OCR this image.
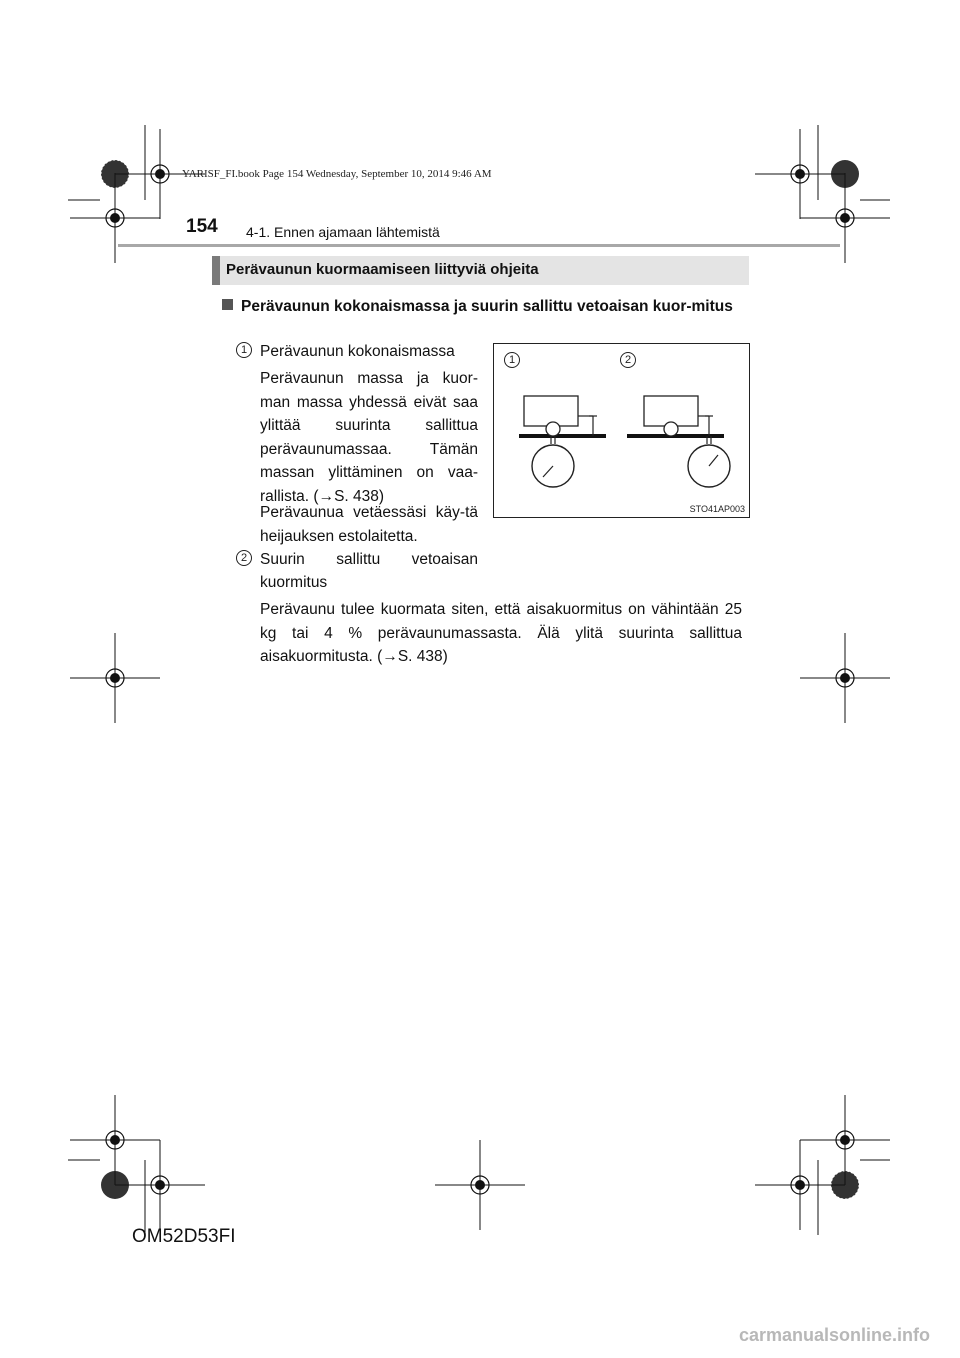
YARISF_FI.book Page 154 Wednesday, September 10, 2014 9:46 AM
154 4-1. Ennen ajamaan lähtemistä
Perävaunun kuormaamiseen liittyviä ohjeita
Perävaunun kokonaismassa ja suurin sallittu vetoaisan kuor-mitus
1 Perävaunun kokonaismassa
Perävaunun massa ja kuor-man massa yhdessä eivät saa ylittää suurinta sallittua perävaunumassaa. Tämän massan ylittäminen on vaa-rallista. (→S. 438)
Perävaunua vetäessäsi käy-tä heijauksen estolaitetta.
2 Suurin sallittu vetoaisan kuormitus
Perävaunu tulee kuormata siten, että aisakuormitus on vähintään 25 kg tai 4 % perävaunumassasta. Älä ylitä suurinta sallittua aisakuormitusta. (→S. 438)
1	2
STO41AP003
OM52D53FI
carmanualsonline.info
